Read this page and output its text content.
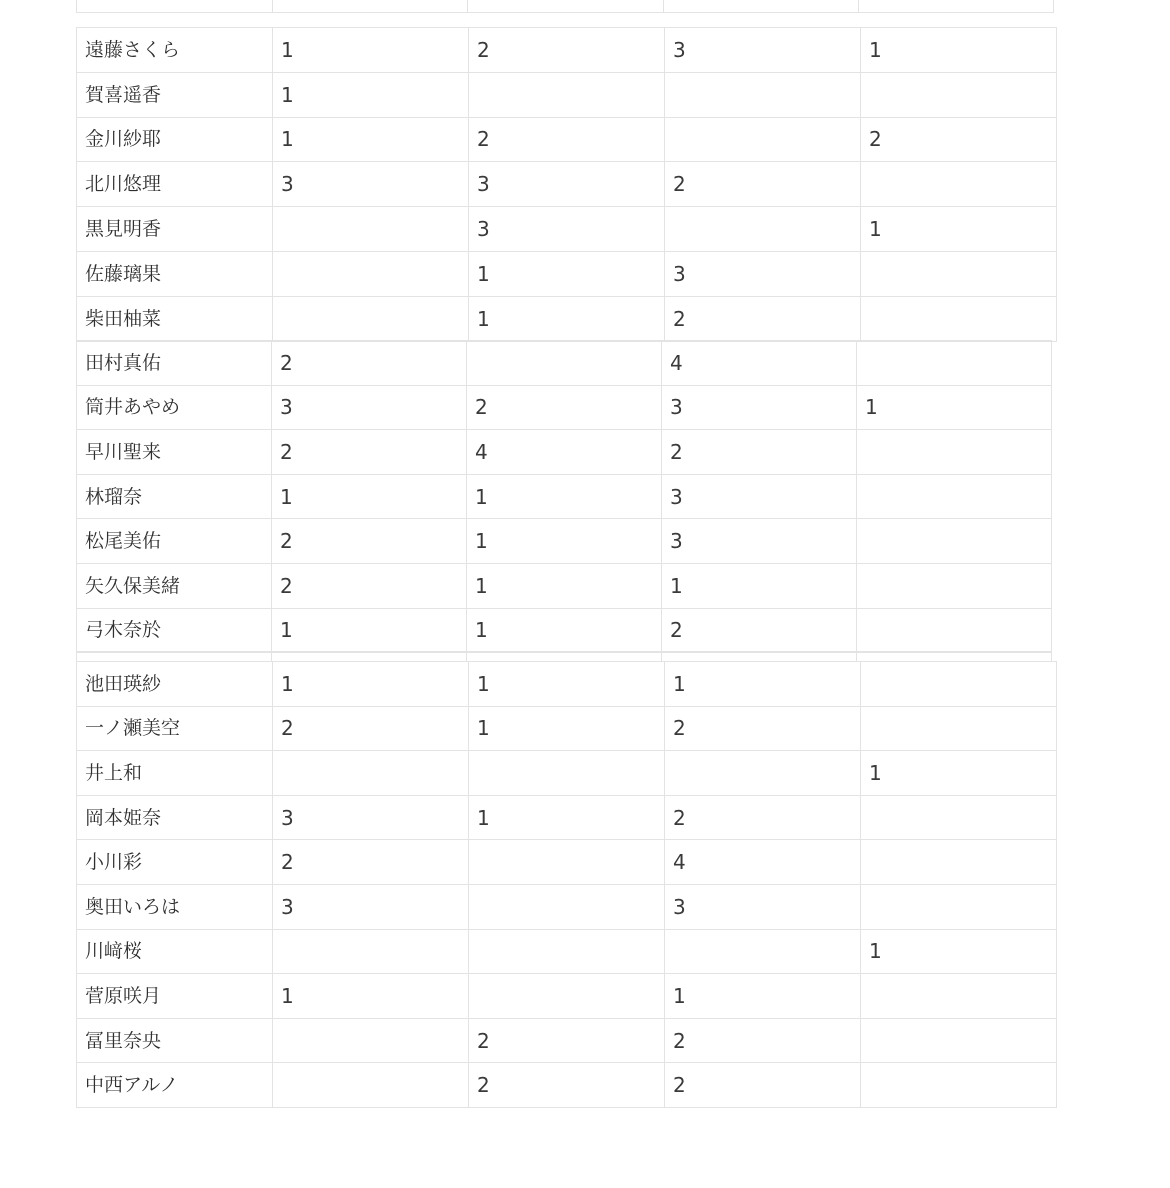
遠藤さくら	1	2	3	1
賀喜遥香	1			
金川紗耶	1	2		2
北川悠理	3	3	2	
黒見明香		3		1
佐藤璃果		1	3	
柴田柚菜		1	2	
田村真佑	2		4	
筒井あやめ	3	2	3	1
早川聖来	2	4	2	
林瑠奈	1	1	3	
松尾美佑	2	1	3	
矢久保美緒	2	1	1	
弓木奈於	1	1	2	

池田瑛紗	1	1	1	
一ノ瀬美空	2	1	2	
井上和				1
岡本姫奈	3	1	2	
小川彩	2		4	
奥田いろは	3		3	
川﨑桜				1
菅原咲月	1		1	
冨里奈央		2	2	
中西アルノ		2	2	
